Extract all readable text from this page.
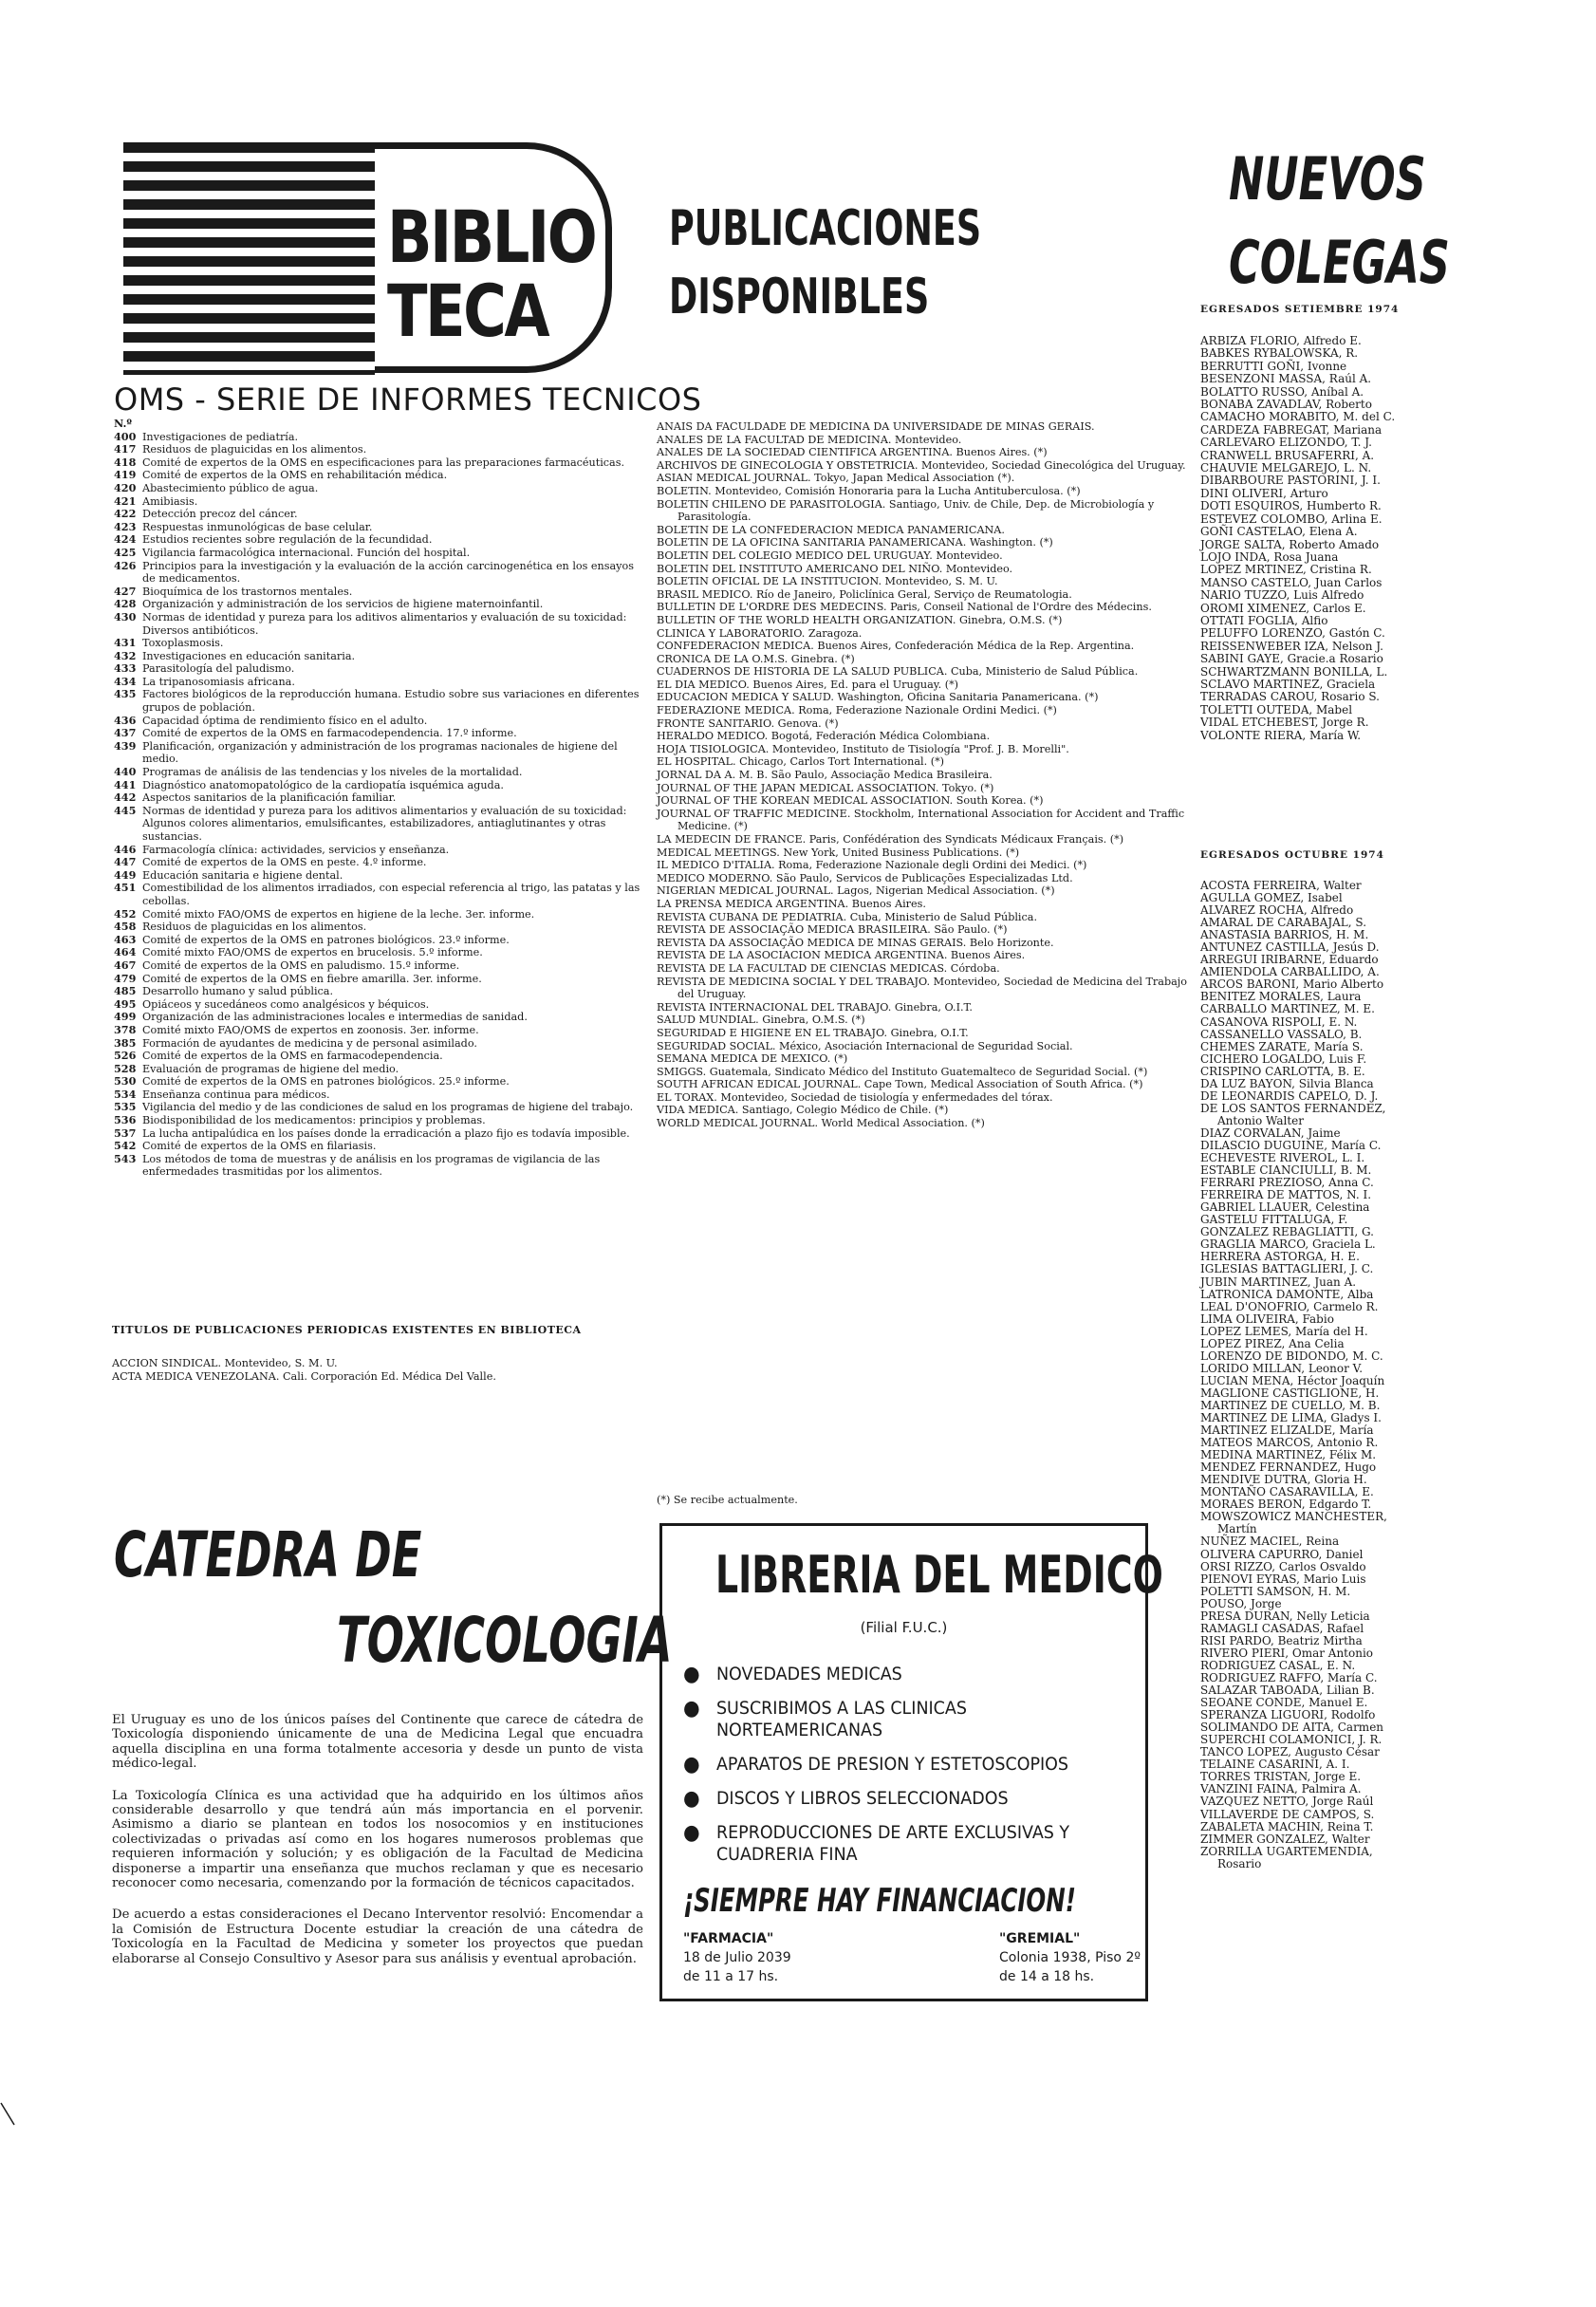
BIBLIO
TECA
PUBLICACIONES
DISPONIBLES
NUEVOS
COLEGAS
OMS - SERIE DE INFORMES TECNICOS
N.º
400 Investigaciones de pediatría.
417 Residuos de plaguicidas en los alimentos.
418 Comité de expertos de la OMS en especificaciones para las preparaciones farmacéuticas.
419 Comité de expertos de la OMS en rehabilitación médica.
420 Abastecimiento público de agua.
421 Amibiasis.
422 Detección precoz del cáncer.
423 Respuestas inmunológicas de base celular.
424 Estudios recientes sobre regulación de la fecundidad.
425 Vigilancia farmacológica internacional. Función del hospital.
426 Principios para la investigación y la evaluación de la acción carcinogenética en los ensayos de medicamentos.
427 Bioquímica de los trastornos mentales.
428 Organización y administración de los servicios de higiene maternoinfantil.
430 Normas de identidad y pureza para los aditivos alimentarios y evaluación de su toxicidad: Diversos antibióticos.
431 Toxoplasmosis.
432 Investigaciones en educación sanitaria.
433 Parasitología del paludismo.
434 La tripanosomiasis africana.
435 Factores biológicos de la reproducción humana. Estudio sobre sus variaciones en diferentes grupos de población.
436 Capacidad óptima de rendimiento físico en el adulto.
437 Comité de expertos de la OMS en farmacodependencia. 17.º informe.
439 Planificación, organización y administración de los programas nacionales de higiene del medio.
440 Programas de análisis de las tendencias y los niveles de la mortalidad.
441 Diagnóstico anatomopatológico de la cardiopatía isquémica aguda.
442 Aspectos sanitarios de la planificación familiar.
445 Normas de identidad y pureza para los aditivos alimentarios y evaluación de su toxicidad: Algunos colores alimentarios, emulsificantes, estabilizadores, antiaglutinantes y otras sustancias.
446 Farmacología clínica: actividades, servicios y enseñanza.
447 Comité de expertos de la OMS en peste. 4.º informe.
449 Educación sanitaria e higiene dental.
451 Comestibilidad de los alimentos irradiados, con especial referencia al trigo, las patatas y las cebollas.
452 Comité mixto FAO/OMS de expertos en higiene de la leche. 3er. informe.
458 Residuos de plaguicidas en los alimentos.
463 Comité de expertos de la OMS en patrones biológicos. 23.º informe.
464 Comité mixto FAO/OMS de expertos en brucelosis. 5.º informe.
467 Comité de expertos de la OMS en paludismo. 15.º informe.
479 Comité de expertos de la OMS en fiebre amarilla. 3er. informe.
485 Desarrollo humano y salud pública.
495 Opiáceos y sucedáneos como analgésicos y béquicos.
499 Organización de las administraciones locales e intermedias de sanidad.
378 Comité mixto FAO/OMS de expertos en zoonosis. 3er. informe.
385 Formación de ayudantes de medicina y de personal asimilado.
526 Comité de expertos de la OMS en farmacodependencia.
528 Evaluación de programas de higiene del medio.
530 Comité de expertos de la OMS en patrones biológicos. 25.º informe.
534 Enseñanza continua para médicos.
535 Vigilancia del medio y de las condiciones de salud en los programas de higiene del trabajo.
536 Biodisponibilidad de los medicamentos: principios y problemas.
537 La lucha antipalúdica en los países donde la erradicación a plazo fijo es todavía imposible.
542 Comité de expertos de la OMS en filariasis.
543 Los métodos de toma de muestras y de análisis en los programas de vigilancia de las enfermedades trasmitidas por los alimentos.
TITULOS DE PUBLICACIONES PERIODICAS EXISTENTES EN BIBLIOTECA
ACCION SINDICAL. Montevideo, S. M. U.
ACTA MEDICA VENEZOLANA. Cali. Corporación Ed. Médica Del Valle.
ANAIS DA FACULDADE DE MEDICINA DA UNIVERSIDADE DE MINAS GERAIS.
ANALES DE LA FACULTAD DE MEDICINA. Montevideo.
ANALES DE LA SOCIEDAD CIENTIFICA ARGENTINA. Buenos Aires. (*)
ARCHIVOS DE GINECOLOGIA Y OBSTETRICIA. Montevideo, Sociedad Ginecológica del Uruguay.
ASIAN MEDICAL JOURNAL. Tokyo, Japan Medical Association (*).
BOLETIN. Montevideo, Comisión Honoraria para la Lucha Antituberculosa. (*)
BOLETIN CHILENO DE PARASITOLOGIA. Santiago, Univ. de Chile, Dep. de Microbiología y Parasitología.
BOLETIN DE LA CONFEDERACION MEDICA PANAMERICANA.
BOLETIN DE LA OFICINA SANITARIA PANAMERICANA. Washington. (*)
BOLETIN DEL COLEGIO MEDICO DEL URUGUAY. Montevideo.
BOLETIN DEL INSTITUTO AMERICANO DEL NIÑO. Montevideo.
BOLETIN OFICIAL DE LA INSTITUCION. Montevideo, S. M. U.
BRASIL MEDICO. Río de Janeiro, Policlínica Geral, Serviço de Reumatologia.
BULLETIN DE L'ORDRE DES MEDECINS. Paris, Conseil National de l'Ordre des Médecins.
BULLETIN OF THE WORLD HEALTH ORGANIZATION. Ginebra, O.M.S. (*)
CLINICA Y LABORATORIO. Zaragoza.
CONFEDERACION MEDICA. Buenos Aires, Confederación Médica de la Rep. Argentina.
CRONICA DE LA O.M.S. Ginebra. (*)
CUADERNOS DE HISTORIA DE LA SALUD PUBLICA. Cuba, Ministerio de Salud Pública.
EL DIA MEDICO. Buenos Aires, Ed. para el Uruguay. (*)
EDUCACION MEDICA Y SALUD. Washington, Oficina Sanitaria Panamericana. (*)
FEDERAZIONE MEDICA. Roma, Federazione Nazionale Ordini Medici. (*)
FRONTE SANITARIO. Genova. (*)
HERALDO MEDICO. Bogotá, Federación Médica Colombiana.
HOJA TISIOLOGICA. Montevideo, Instituto de Tisiología "Prof. J. B. Morelli".
EL HOSPITAL. Chicago, Carlos Tort International. (*)
JORNAL DA A. M. B. São Paulo, Associação Medica Brasileira.
JOURNAL OF THE JAPAN MEDICAL ASSOCIATION. Tokyo. (*)
JOURNAL OF THE KOREAN MEDICAL ASSOCIATION. South Korea. (*)
JOURNAL OF TRAFFIC MEDICINE. Stockholm, International Association for Accident and Traffic Medicine. (*)
LA MEDECIN DE FRANCE. Paris, Confédération des Syndicats Médicaux Français. (*)
MEDICAL MEETINGS. New York, United Business Publications. (*)
IL MEDICO D'ITALIA. Roma, Federazione Nazionale degli Ordini dei Medici. (*)
MEDICO MODERNO. São Paulo, Servicos de Publicações Especializadas Ltd.
NIGERIAN MEDICAL JOURNAL. Lagos, Nigerian Medical Association. (*)
LA PRENSA MEDICA ARGENTINA. Buenos Aires.
REVISTA CUBANA DE PEDIATRIA. Cuba, Ministerio de Salud Pública.
REVISTA DE ASSOCIAÇÃO MEDICA BRASILEIRA. São Paulo. (*)
REVISTA DA ASSOCIAÇÃO MEDICA DE MINAS GERAIS. Belo Horizonte.
REVISTA DE LA ASOCIACION MEDICA ARGENTINA. Buenos Aires.
REVISTA DE LA FACULTAD DE CIENCIAS MEDICAS. Córdoba.
REVISTA DE MEDICINA SOCIAL Y DEL TRABAJO. Montevideo, Sociedad de Medicina del Trabajo del Uruguay.
REVISTA INTERNACIONAL DEL TRABAJO. Ginebra, O.I.T.
SALUD MUNDIAL. Ginebra, O.M.S. (*)
SEGURIDAD E HIGIENE EN EL TRABAJO. Ginebra, O.I.T.
SEGURIDAD SOCIAL. México, Asociación Internacional de Seguridad Social.
SEMANA MEDICA DE MEXICO. (*)
SMIGGS. Guatemala, Sindicato Médico del Instituto Guatemalteco de Seguridad Social. (*)
SOUTH AFRICAN EDICAL JOURNAL. Cape Town, Medical Association of South Africa. (*)
EL TORAX. Montevideo, Sociedad de tisiología y enfermedades del tórax.
VIDA MEDICA. Santiago, Colegio Médico de Chile. (*)
WORLD MEDICAL JOURNAL. World Medical Association. (*)
(*) Se recibe actualmente.
CATEDRA DE
TOXICOLOGIA

El Uruguay es uno de los únicos países del Continente que carece de cátedra de Toxicología disponiendo únicamente de una de Medicina Legal que encuadra aquella disciplina en una forma totalmente accesoria y desde un punto de vista médico-legal.

La Toxicología Clínica es una actividad que ha adquirido en los últimos años considerable desarrollo y que tendrá aún más importancia en el porvenir. Asimismo a diario se plantean en todos los nosocomios y en instituciones colectivizadas o privadas así como en los hogares numerosos problemas que requieren información y solución; y es obligación de la Facultad de Medicina disponerse a impartir una enseñanza que muchos reclaman y que es necesario reconocer como necesaria, comenzando por la formación de técnicos capacitados.

De acuerdo a estas consideraciones el Decano Interventor resolvió: Encomendar a la Comisión de Estructura Docente estudiar la creación de una cátedra de Toxicología en la Facultad de Medicina y someter los proyectos que puedan elaborarse al Consejo Consultivo y Asesor para sus análisis y eventual aprobación.

LIBRERIA DEL MEDICO
(Filial F.U.C.)
● NOVEDADES MEDICAS
● SUSCRIBIMOS A LAS CLINICAS NORTEAMERICANAS
● APARATOS DE PRESION Y ESTETOSCOPIOS
● DISCOS Y LIBROS SELECCIONADOS
● REPRODUCCIONES DE ARTE EXCLUSIVAS Y CUADRERIA FINA
¡SIEMPRE HAY FINANCIACION!
"FARMACIA"
18 de Julio 2039
de 11 a 17 hs.
"GREMIAL"
Colonia 1938, Piso 2º
de 14 a 18 hs.
EGRESADOS SETIEMBRE 1974
ARBIZA FLORIO, Alfredo E.
BABKES RYBALOWSKA, R.
BERRUTTI GOÑI, Ivonne
BESENZONI MASSA, Raúl A.
BOLATTO RUSSO, Aníbal A.
BONABA ZAVADLAV, Roberto
CAMACHO MORABITO, M. del C.
CARDEZA FABREGAT, Mariana
CARLEVARO ELIZONDO, T. J.
CRANWELL BRUSAFERRI, A.
CHAUVIE MELGAREJO, L. N.
DIBARBOURE PASTORINI, J. I.
DINI OLIVERI, Arturo
DOTI ESQUIROS, Humberto R.
ESTEVEZ COLOMBO, Arlina E.
GOÑI CASTELAO, Elena A.
JORGE SALTA, Roberto Amado
LOJO INDA, Rosa Juana
LOPEZ MRTINEZ, Cristina R.
MANSO CASTELO, Juan Carlos
NARIO TUZZO, Luis Alfredo
OROMI XIMENEZ, Carlos E.
OTTATI FOGLIA, Alfio
PELUFFO LORENZO, Gastón C.
REISSENWEBER IZA, Nelson J.
SABINI GAYE, Gracie.a Rosario
SCHWARTZMANN BONILLA, L.
SCLAVO MARTINEZ, Graciela
TERRADAS CAROU, Rosario S.
TOLETTI OUTEDA, Mabel
VIDAL ETCHEBEST, Jorge R.
VOLONTE RIERA, María W.
EGRESADOS OCTUBRE 1974
ACOSTA FERREIRA, Walter
AGULLA GOMEZ, Isabel
ALVAREZ ROCHA, Alfredo
AMARAL DE CARABAJAL, S.
ANASTASIA BARRIOS, H. M.
ANTUNEZ CASTILLA, Jesús D.
ARREGUI IRIBARNE, Eduardo
AMIENDOLA CARBALLIDO, A.
ARCOS BARONI, Mario Alberto
BENITEZ MORALES, Laura
CARBALLO MARTINEZ, M. E.
CASANOVA RISPOLI, E. N.
CASSANELLO VASSALO, B.
CHEMES ZARATE, María S.
CICHERO LOGALDO, Luis F.
CRISPINO CARLOTTA, B. E.
DA LUZ BAYON, Silvia Blanca
DE LEONARDIS CAPELO, D. J.
DE LOS SANTOS FERNANDEZ,
Antonio Walter
DIAZ CORVALAN, Jaime
DILASCIO DUGUINE, María C.
ECHEVESTE RIVEROL, L. I.
ESTABLE CIANCIULLI, B. M.
FERRARI PREZIOSO, Anna C.
FERREIRA DE MATTOS, N. I.
GABRIEL LLAUER, Celestina
GASTELU FITTALUGA, F.
GONZALEZ REBAGLIATTI, G.
GRAGLIA MARCO, Graciela L.
HERRERA ASTORGA, H. E.
IGLESIAS BATTAGLIERI, J. C.
JUBIN MARTINEZ, Juan A.
LATRONICA DAMONTE, Alba
LEAL D'ONOFRIO, Carmelo R.
LIMA OLIVEIRA, Fabio
LOPEZ LEMES, María del H.
LOPEZ PIREZ, Ana Celia
LORENZO DE BIDONDO, M. C.
LORIDO MILLAN, Leonor V.
LUCIAN MENA, Héctor Joaquín
MAGLIONE CASTIGLIONE, H.
MARTINEZ DE CUELLO, M. B.
MARTINEZ DE LIMA, Gladys I.
MARTINEZ ELIZALDE, María
MATEOS MARCOS, Antonio R.
MEDINA MARTINEZ, Félix M.
MENDEZ FERNANDEZ, Hugo
MENDIVE DUTRA, Gloria H.
MONTAÑO CASARAVILLA, E.
MORAES BERON, Edgardo T.
MOWSZOWICZ MANCHESTER,
Martín
NUÑEZ MACIEL, Reina
OLIVERA CAPURRO, Daniel
ORSI RIZZO, Carlos Osvaldo
PIENOVI EYRAS, Mario Luis
POLETTI SAMSON, H. M.
POUSO, Jorge
PRESA DURAN, Nelly Leticia
RAMAGLI CASADAS, Rafael
RISI PARDO, Beatriz Mirtha
RIVERO PIERI, Omar Antonio
RODRIGUEZ CASAL, E. N.
RODRIGUEZ RAFFO, María C.
SALAZAR TABOADA, Lilian B.
SEOANE CONDE, Manuel E.
SPERANZA LIGUORI, Rodolfo
SOLIMANDO DE AITA, Carmen
SUPERCHI COLAMONICI, J. R.
TANCO LOPEZ, Augusto César
TELAINE CASARINI, A. I.
TORRES TRISTAN, Jorge E.
VANZINI FAINA, Palmira A.
VAZQUEZ NETTO, Jorge Raúl
VILLAVERDE DE CAMPOS, S.
ZABALETA MACHIN, Reina T.
ZIMMER GONZALEZ, Walter
ZORRILLA UGARTEMENDIA,
Rosario
